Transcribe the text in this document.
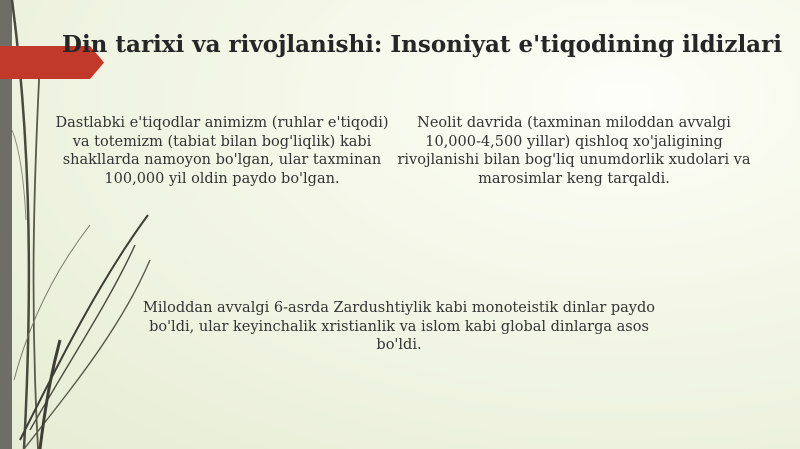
Din tarixi va rivojlanishi: Insoniyat e'tiqodining ildizlari

Dastlabki e'tiqodlar animizm (ruhlar e'tiqodi) va totemizm (tabiat bilan bog'liqlik) kabi shakllarda namoyon bo'lgan, ular taxminan 100,000 yil oldin paydo bo'lgan.

Neolit davrida (taxminan miloddan avvalgi 10,000-4,500 yillar) qishloq xo'jaligining rivojlanishi bilan bog'liq unumdorlik xudolari va marosimlar keng tarqaldi.

Miloddan avvalgi 6-asrda Zardushtiylik kabi monoteistik dinlar paydo bo'ldi, ular keyinchalik xristianlik va islom kabi global dinlarga asos bo'ldi.
